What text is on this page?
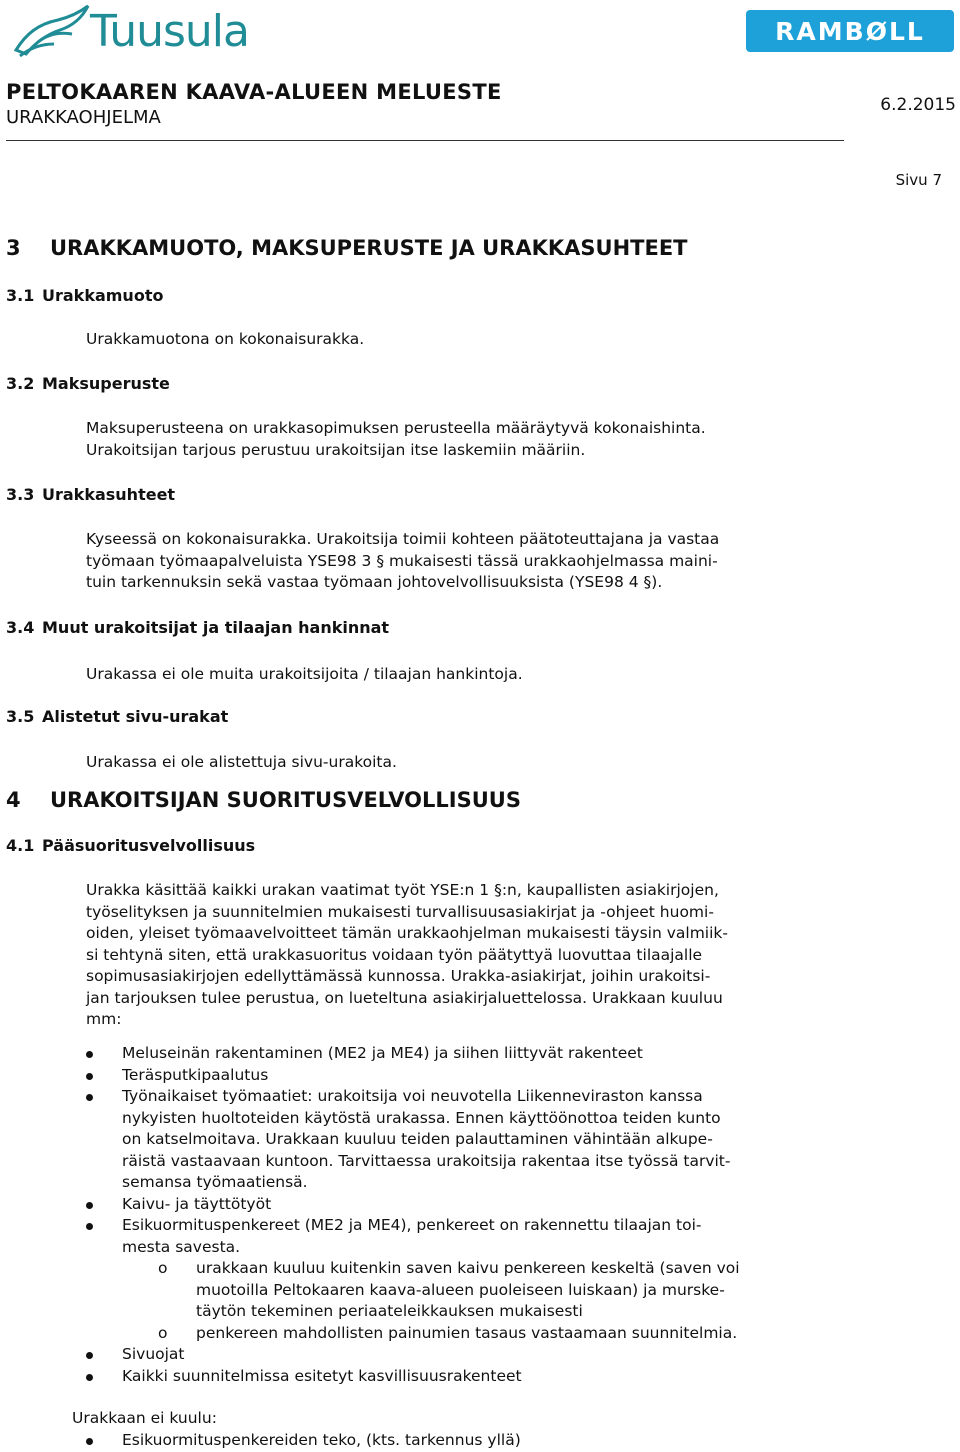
Tuusula	RAMBØLL
PELTOKAAREN KAAVA-ALUEEN MELUESTE
URAKKAOHJELMA
6.2.2015
Sivu 7
3 URAKKAMUOTO, MAKSUPERUSTE JA URAKKASUHTEET
3.1 Urakkamuoto
Urakkamuotona on kokonaisurakka.
3.2 Maksuperuste
Maksuperusteena on urakkasopimuksen perusteella määräytyvä kokonaishinta.
Urakoitsijan tarjous perustuu urakoitsijan itse laskemiin määriin.
3.3 Urakkasuhteet
Kyseessä on kokonaisurakka. Urakoitsija toimii kohteen päätoteuttajana ja vastaa
työmaan työmaapalveluista YSE98 3 § mukaisesti tässä urakkaohjelmassa maini-
tuin tarkennuksin sekä vastaa työmaan johtovelvollisuuksista (YSE98 4 §).
3.4 Muut urakoitsijat ja tilaajan hankinnat
Urakassa ei ole muita urakoitsijoita / tilaajan hankintoja.
3.5 Alistetut sivu-urakat
Urakassa ei ole alistettuja sivu-urakoita.
4 URAKOITSIJAN SUORITUSVELVOLLISUUS
4.1 Pääsuoritusvelvollisuus
Urakka käsittää kaikki urakan vaatimat työt YSE:n 1 §:n, kaupallisten asiakirjojen,
työselityksen ja suunnitelmien mukaisesti turvallisuusasiakirjat ja -ohjeet huomi-
oiden, yleiset työmaavelvoitteet tämän urakkaohjelman mukaisesti täysin valmiik-
si tehtynä siten, että urakkasuoritus voidaan työn päätyttyä luovuttaa tilaajalle
sopimusasiakirjojen edellyttämässä kunnossa. Urakka-asiakirjat, joihin urakoitsi-
jan tarjouksen tulee perustua, on lueteltuna asiakirjaluettelossa. Urakkaan kuuluu
mm:
Meluseinän rakentaminen (ME2 ja ME4) ja siihen liittyvät rakenteet
Teräsputkipaalutus
Työnaikaiset työmaatiet: urakoitsija voi neuvotella Liikenneviraston kanssa
nykyisten huoltoteiden käytöstä urakassa. Ennen käyttöönottoa teiden kunto
on katselmoitava. Urakkaan kuuluu teiden palauttaminen vähintään alkupe-
räistä vastaavaan kuntoon. Tarvittaessa urakoitsija rakentaa itse työssä tarvit-
semansa työmaatiensä.
Kaivu- ja täyttötyöt
Esikuormituspenkereet (ME2 ja ME4), penkereet on rakennettu tilaajan toi-
mesta savesta.
o urakkaan kuuluu kuitenkin saven kaivu penkereen keskeltä (saven voi
muotoilla Peltokaaren kaava-alueen puoleiseen luiskaan) ja murske-
täytön tekeminen periaateleikkauksen mukaisesti
o penkereen mahdollisten painumien tasaus vastaamaan suunnitelmia.
Sivuojat
Kaikki suunnitelmissa esitetyt kasvillisuusrakenteet
Urakkaan ei kuulu:
Esikuormituspenkereiden teko, (kts. tarkennus yllä)
